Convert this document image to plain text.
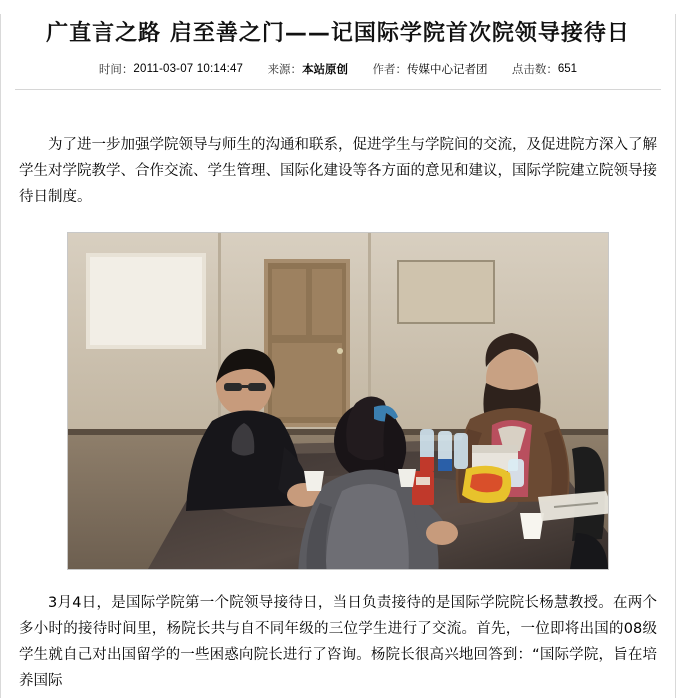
广直言之路 启至善之门——记国际学院首次院领导接待日
时间：2011-03-07 10:14:47 来源：本站原创 作者：传媒中心记者团 点击数：651

为了进一步加强学院领导与师生的沟通和联系，促进学生与学院间的交流，及促进院方深入了解学生对学院教学、合作交流、学生管理、国际化建设等各方面的意见和建议，国际学院建立院领导接待日制度。

3月4日，是国际学院第一个院领导接待日，当日负责接待的是国际学院院长杨慧教授。在两个多小时的接待时间里，杨院长共与自不同年级的三位学生进行了交流。首先，一位即将出国的08级学生就自己对出国留学的一些困惑向院长进行了咨询。杨院长很高兴地回答到：“国际学院，旨在培养国际
